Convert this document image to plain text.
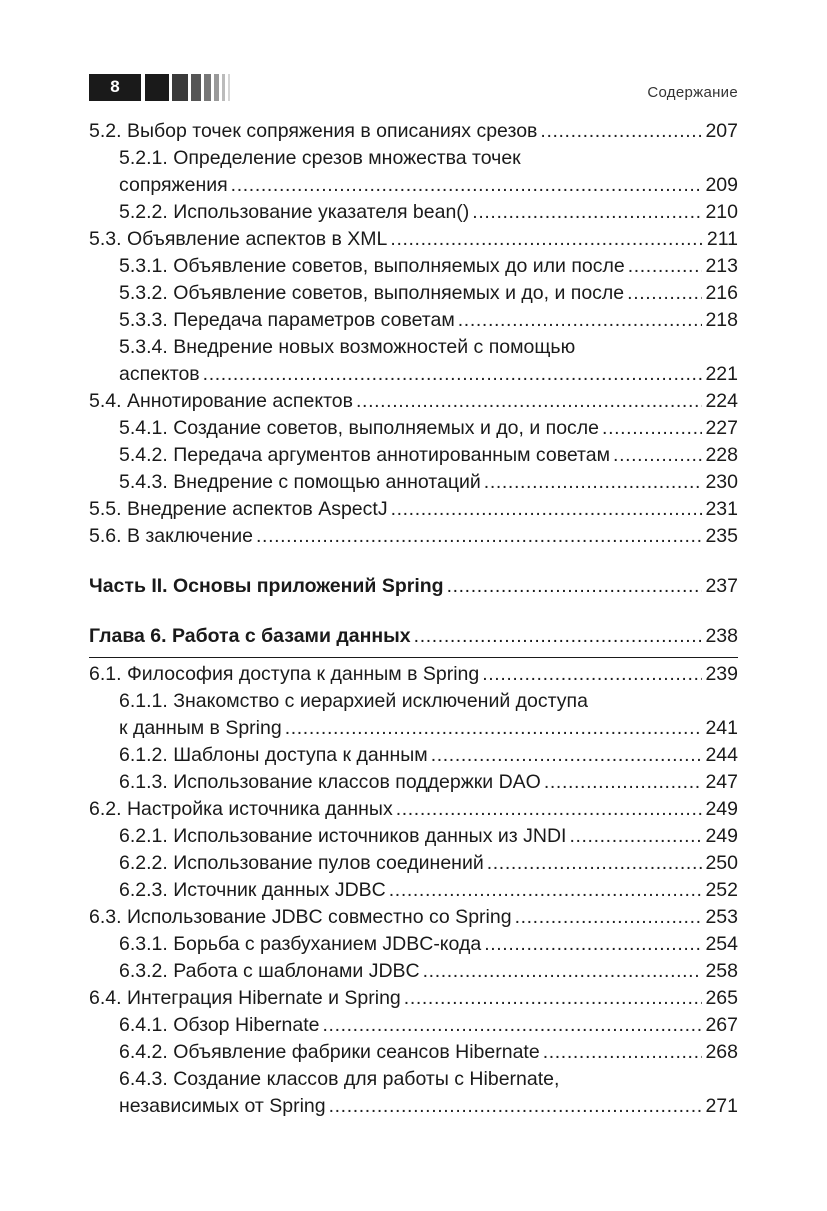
8	Содержание
5.2. Выбор точек сопряжения в описаниях срезов . . .	207
5.2.1. Определение срезов множества точек
сопряжения . . .	209
5.2.2. Использование указателя bean() . . .	210
5.3. Объявление аспектов в XML . . .	211
5.3.1. Объявление советов, выполняемых до или после . . .	213
5.3.2. Объявление советов, выполняемых и до, и после . . .	216
5.3.3. Передача параметров советам . . .	218
5.3.4. Внедрение новых возможностей с помощью
аспектов . . .	221
5.4. Аннотирование аспектов . . .	224
5.4.1. Создание советов, выполняемых и до, и после . . .	227
5.4.2. Передача аргументов аннотированным советам . . .	228
5.4.3. Внедрение с помощью аннотаций . . .	230
5.5. Внедрение аспектов AspectJ . . .	231
5.6. В заключение . . .	235
Часть II. Основы приложений Spring . . .	237
Глава 6. Работа с базами данных . . .	238
6.1. Философия доступа к данным в Spring . . .	239
6.1.1. Знакомство с иерархией исключений доступа
к данным в Spring . . .	241
6.1.2. Шаблоны доступа к данным . . .	244
6.1.3. Использование классов поддержки DAO . . .	247
6.2. Настройка источника данных . . .	249
6.2.1. Использование источников данных из JNDI . . .	249
6.2.2. Использование пулов соединений . . .	250
6.2.3. Источник данных JDBC . . .	252
6.3. Использование JDBC совместно со Spring . . .	253
6.3.1. Борьба с разбуханием JDBC-кода . . .	254
6.3.2. Работа с шаблонами JDBC . . .	258
6.4. Интеграция Hibernate и Spring . . .	265
6.4.1. Обзор Hibernate . . .	267
6.4.2. Объявление фабрики сеансов Hibernate . . .	268
6.4.3. Создание классов для работы с Hibernate,
независимых от Spring . . .	271
